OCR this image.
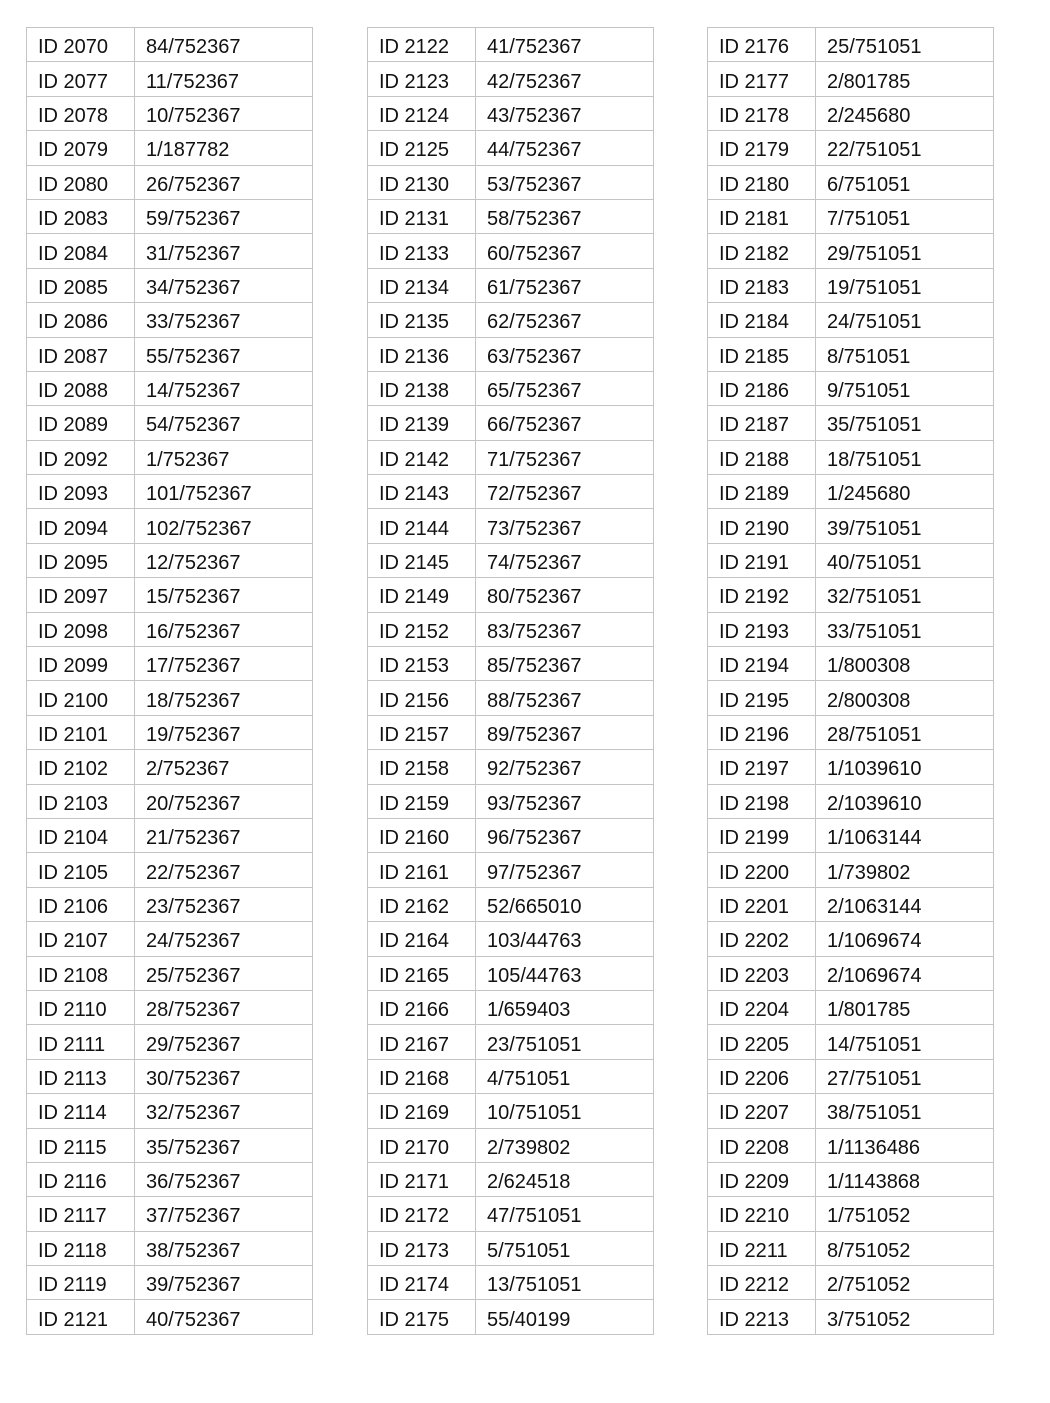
ID 2070	84/752367
ID 2077	11/752367
ID 2078	10/752367
ID 2079	1/187782
ID 2080	26/752367
ID 2083	59/752367
ID 2084	31/752367
ID 2085	34/752367
ID 2086	33/752367
ID 2087	55/752367
ID 2088	14/752367
ID 2089	54/752367
ID 2092	1/752367
ID 2093	101/752367
ID 2094	102/752367
ID 2095	12/752367
ID 2097	15/752367
ID 2098	16/752367
ID 2099	17/752367
ID 2100	18/752367
ID 2101	19/752367
ID 2102	2/752367
ID 2103	20/752367
ID 2104	21/752367
ID 2105	22/752367
ID 2106	23/752367
ID 2107	24/752367
ID 2108	25/752367
ID 2110	28/752367
ID 2111	29/752367
ID 2113	30/752367
ID 2114	32/752367
ID 2115	35/752367
ID 2116	36/752367
ID 2117	37/752367
ID 2118	38/752367
ID 2119	39/752367
ID 2121	40/752367
ID 2122	41/752367
ID 2123	42/752367
ID 2124	43/752367
ID 2125	44/752367
ID 2130	53/752367
ID 2131	58/752367
ID 2133	60/752367
ID 2134	61/752367
ID 2135	62/752367
ID 2136	63/752367
ID 2138	65/752367
ID 2139	66/752367
ID 2142	71/752367
ID 2143	72/752367
ID 2144	73/752367
ID 2145	74/752367
ID 2149	80/752367
ID 2152	83/752367
ID 2153	85/752367
ID 2156	88/752367
ID 2157	89/752367
ID 2158	92/752367
ID 2159	93/752367
ID 2160	96/752367
ID 2161	97/752367
ID 2162	52/665010
ID 2164	103/44763
ID 2165	105/44763
ID 2166	1/659403
ID 2167	23/751051
ID 2168	4/751051
ID 2169	10/751051
ID 2170	2/739802
ID 2171	2/624518
ID 2172	47/751051
ID 2173	5/751051
ID 2174	13/751051
ID 2175	55/40199
ID 2176	25/751051
ID 2177	2/801785
ID 2178	2/245680
ID 2179	22/751051
ID 2180	6/751051
ID 2181	7/751051
ID 2182	29/751051
ID 2183	19/751051
ID 2184	24/751051
ID 2185	8/751051
ID 2186	9/751051
ID 2187	35/751051
ID 2188	18/751051
ID 2189	1/245680
ID 2190	39/751051
ID 2191	40/751051
ID 2192	32/751051
ID 2193	33/751051
ID 2194	1/800308
ID 2195	2/800308
ID 2196	28/751051
ID 2197	1/1039610
ID 2198	2/1039610
ID 2199	1/1063144
ID 2200	1/739802
ID 2201	2/1063144
ID 2202	1/1069674
ID 2203	2/1069674
ID 2204	1/801785
ID 2205	14/751051
ID 2206	27/751051
ID 2207	38/751051
ID 2208	1/1136486
ID 2209	1/1143868
ID 2210	1/751052
ID 2211	8/751052
ID 2212	2/751052
ID 2213	3/751052
